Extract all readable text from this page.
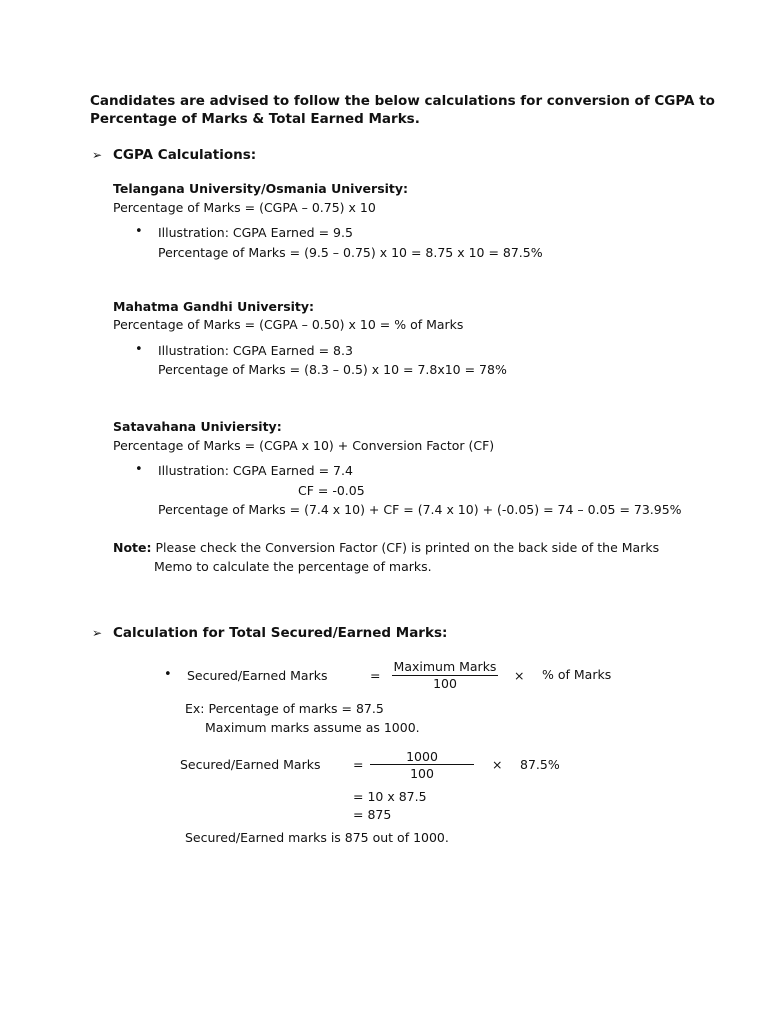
Candidates are advised to follow the below calculations for conversion of CGPA to
Percentage of Marks & Total Earned Marks.
➢ CGPA Calculations:
Telangana University/Osmania University:
Percentage of Marks = (CGPA – 0.75) x 10
• Illustration: CGPA Earned = 9.5
Percentage of Marks = (9.5 – 0.75) x 10 = 8.75 x 10 = 87.5%
Mahatma Gandhi University:
Percentage of Marks = (CGPA – 0.50) x 10 = % of Marks
• Illustration: CGPA Earned = 8.3
Percentage of Marks = (8.3 – 0.5) x 10 = 7.8x10 = 78%
Satavahana Univiersity:
Percentage of Marks = (CGPA x 10) + Conversion Factor (CF)
• Illustration: CGPA Earned = 7.4
CF = -0.05
Percentage of Marks = (7.4 x 10) + CF = (7.4 x 10) + (-0.05) = 74 – 0.05 = 73.95%
Note: Please check the Conversion Factor (CF) is printed on the back side of the Marks
Memo to calculate the percentage of marks.
➢ Calculation for Total Secured/Earned Marks:
• Secured/Earned Marks	=
Maximum Marks
100
× % of Marks
Ex: Percentage of marks = 87.5
Maximum marks assume as 1000.
Secured/Earned Marks	=
1000
100
× 87.5%
= 10 x 87.5
= 875
Secured/Earned marks is 875 out of 1000.
